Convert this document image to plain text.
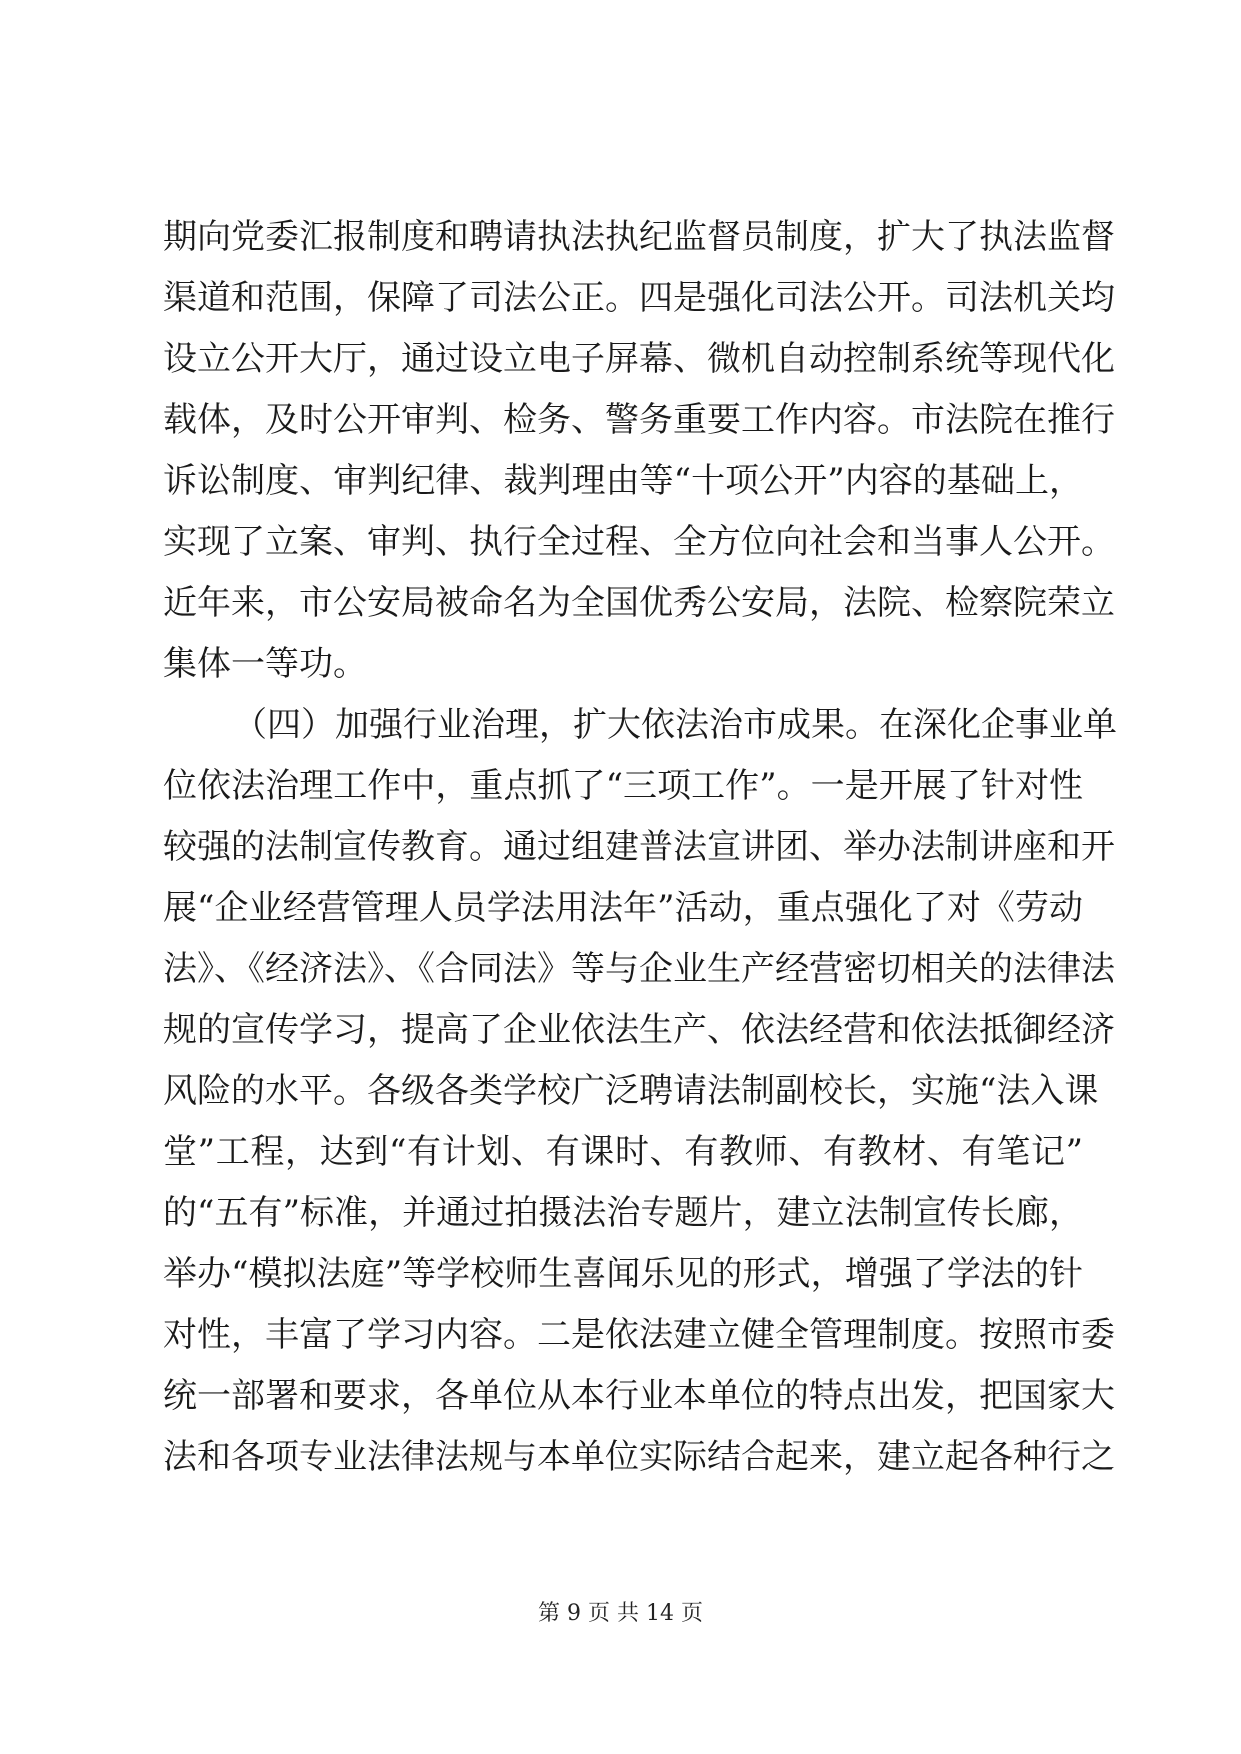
期向党委汇报制度和聘请执法执纪监督员制度，扩大了执法监督
渠道和范围，保障了司法公正。四是强化司法公开。司法机关均
设立公开大厅，通过设立电子屏幕、微机自动控制系统等现代化
载体，及时公开审判、检务、警务重要工作内容。市法院在推行
诉讼制度、审判纪律、裁判理由等“十项公开”内容的基础上，
实现了立案、审判、执行全过程、全方位向社会和当事人公开。
近年来，市公安局被命名为全国优秀公安局，法院、检察院荣立
集体一等功。
（四）加强行业治理，扩大依法治市成果。在深化企事业单
位依法治理工作中，重点抓了“三项工作”。一是开展了针对性
较强的法制宣传教育。通过组建普法宣讲团、举办法制讲座和开
展“企业经营管理人员学法用法年”活动，重点强化了对《劳动
法》、《经济法》、《合同法》等与企业生产经营密切相关的法律法
规的宣传学习，提高了企业依法生产、依法经营和依法抵御经济
风险的水平。各级各类学校广泛聘请法制副校长，实施“法入课
堂”工程，达到“有计划、有课时、有教师、有教材、有笔记”
的“五有”标准，并通过拍摄法治专题片，建立法制宣传长廊，
举办“模拟法庭”等学校师生喜闻乐见的形式，增强了学法的针
对性，丰富了学习内容。二是依法建立健全管理制度。按照市委
统一部署和要求，各单位从本行业本单位的特点出发，把国家大
法和各项专业法律法规与本单位实际结合起来，建立起各种行之
第 9 页 共 14 页
